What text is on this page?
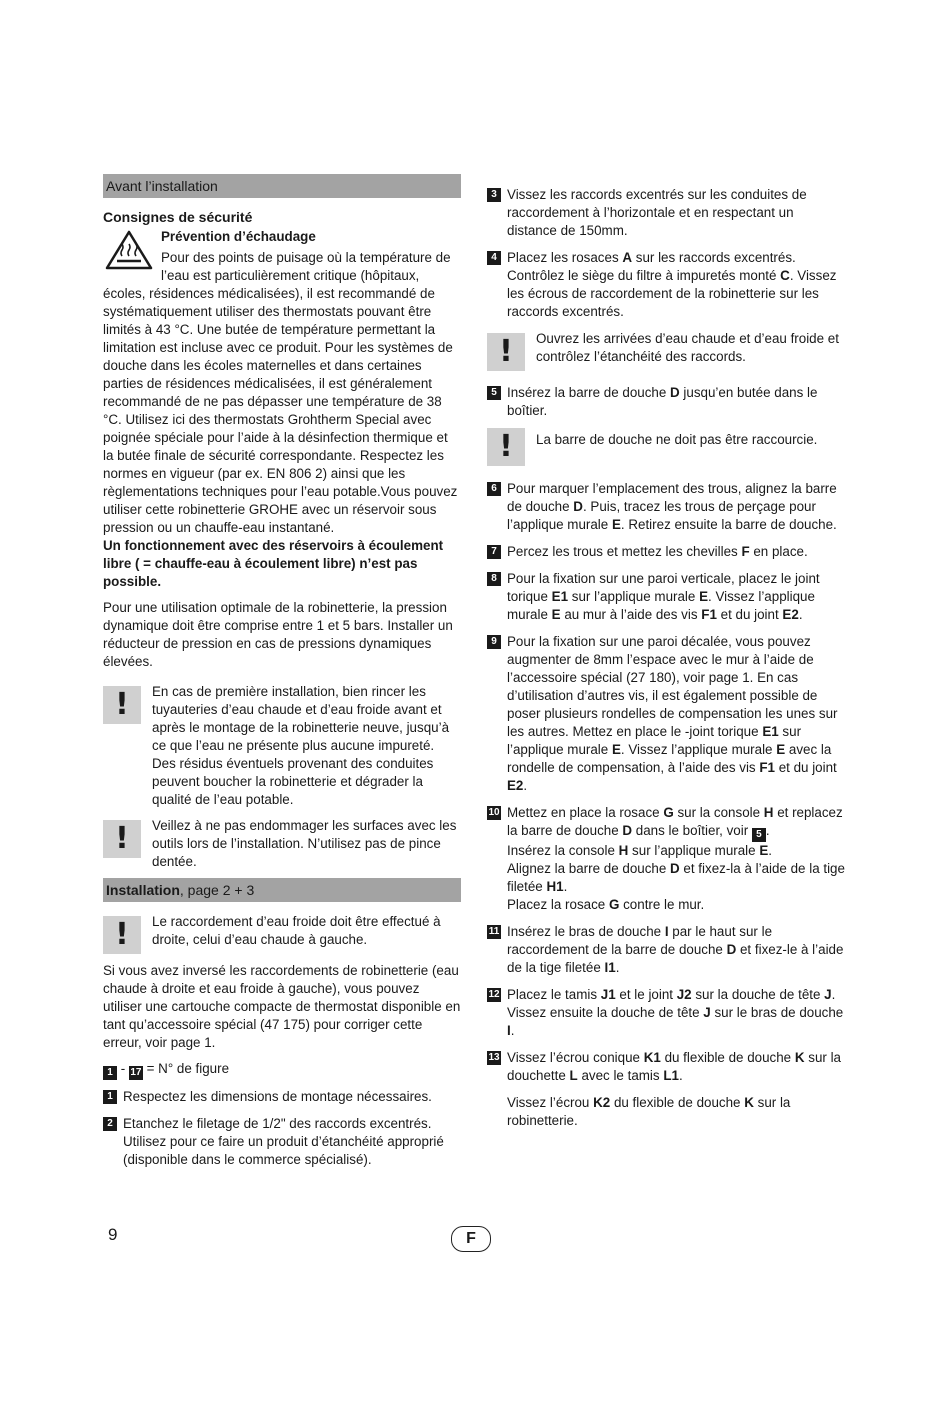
Avant l’installation
Consignes de sécurité

Prévention d’échaudage

Pour des points de puisage où la température de l’eau est particulièrement critique (hôpitaux,

écoles, résidences médicalisées), il est recommandé de systématiquement utiliser des thermostats pouvant être limités à 43 °C. Une butée de température permettant la limitation est incluse avec ce produit. Pour les systèmes de douche dans les écoles maternelles et dans certaines parties de résidences médicalisées, il est généralement recommandé de ne pas dépasser une température de 38 °C. Utilisez ici des thermostats Grohtherm Special avec poignée spéciale pour l’aide à la désinfection thermique et la butée finale de sécurité correspondante. Respectez les normes en vigueur (par ex. EN 806 2) ainsi que les règlementations techniques pour l’eau potable.Vous pouvez utiliser cette robinetterie GROHE avec un réservoir sous pression ou un chauffe-eau instantané.

Un fonctionnement avec des réservoirs à écoulement libre ( = chauffe-eau à écoulement libre) n’est pas possible.

Pour une utilisation optimale de la robinetterie, la pression dynamique doit être comprise entre 1 et 5 bars. Installer un réducteur de pression en cas de pressions dynamiques élevées.

!	En cas de première installation, bien rincer les tuyauteries d’eau chaude et d’eau froide avant et après le montage de la robinetterie neuve, jusqu’à ce que l’eau ne présente plus aucune impureté. Des résidus éventuels provenant des conduites peuvent boucher la robinetterie et dégrader la qualité de l’eau potable.
!	Veillez à ne pas endommager les surfaces avec les outils lors de l’installation. N’utilisez pas de pince dentée.
Installation, page 2 + 3
!	Le raccordement d’eau froide doit être effectué à droite, celui d’eau chaude à gauche.

Si vous avez inversé les raccordements de robinetterie (eau chaude à droite et eau froide à gauche), vous pouvez utiliser une cartouche compacte de thermostat disponible en tant qu’accessoire spécial (47 175) pour corriger cette erreur, voir page 1.

1 - 17 = N° de figure

1 Respectez les dimensions de montage nécessaires.
2 Etanchez le filetage de 1/2" des raccords excentrés. Utilisez pour ce faire un produit d’étanchéité approprié (disponible dans le commerce spécialisé).
3 Vissez les raccords excentrés sur les conduites de raccordement à l’horizontale et en respectant un distance de 150mm.
4 Placez les rosaces A sur les raccords excentrés. Contrôlez le siège du filtre à impuretés monté C. Vissez les écrous de raccordement de la robinetterie sur les raccords excentrés.
!	Ouvrez les arrivées d’eau chaude et d’eau froide et contrôlez l’étanchéité des raccords.
5 Insérez la barre de douche D jusqu’en butée dans le boîtier.
!	La barre de douche ne doit pas être raccourcie.
6 Pour marquer l’emplacement des trous, alignez la barre de douche D. Puis, tracez les trous de perçage pour l’applique murale E. Retirez ensuite la barre de douche.
7 Percez les trous et mettez les chevilles F en place.
8 Pour la fixation sur une paroi verticale, placez le joint torique E1 sur l’applique murale E. Vissez l’applique murale E au mur à l’aide des vis F1 et du joint E2.
9 Pour la fixation sur une paroi décalée, vous pouvez augmenter de 8mm l’espace avec le mur à l’aide de l’accessoire spécial (27 180), voir page 1. En cas d’utilisation d’autres vis, il est également possible de poser plusieurs rondelles de compensation les unes sur les autres. Mettez en place le -joint torique E1 sur l’applique murale E. Vissez l’applique murale E avec la rondelle de compensation, à l’aide des vis F1 et du joint E2.
10 Mettez en place la rosace G sur la console H et replacez la barre de douche D dans le boîtier, voir 5 .
Insérez la console H sur l’applique murale E.
Alignez la barre de douche D et fixez-la à l’aide de la tige filetée H1.
Placez la rosace G contre le mur.
11 Insérez le bras de douche I par le haut sur le raccordement de la barre de douche D et fixez-le à l’aide de la tige filetée I1.
12 Placez le tamis J1 et le joint J2 sur la douche de tête J. Vissez ensuite la douche de tête J sur le bras de douche I.
13 Vissez l’écrou conique K1 du flexible de douche K sur la douchette L avec le tamis L1.
Vissez l’écrou K2 du flexible de douche K sur la robinetterie.
9	F
